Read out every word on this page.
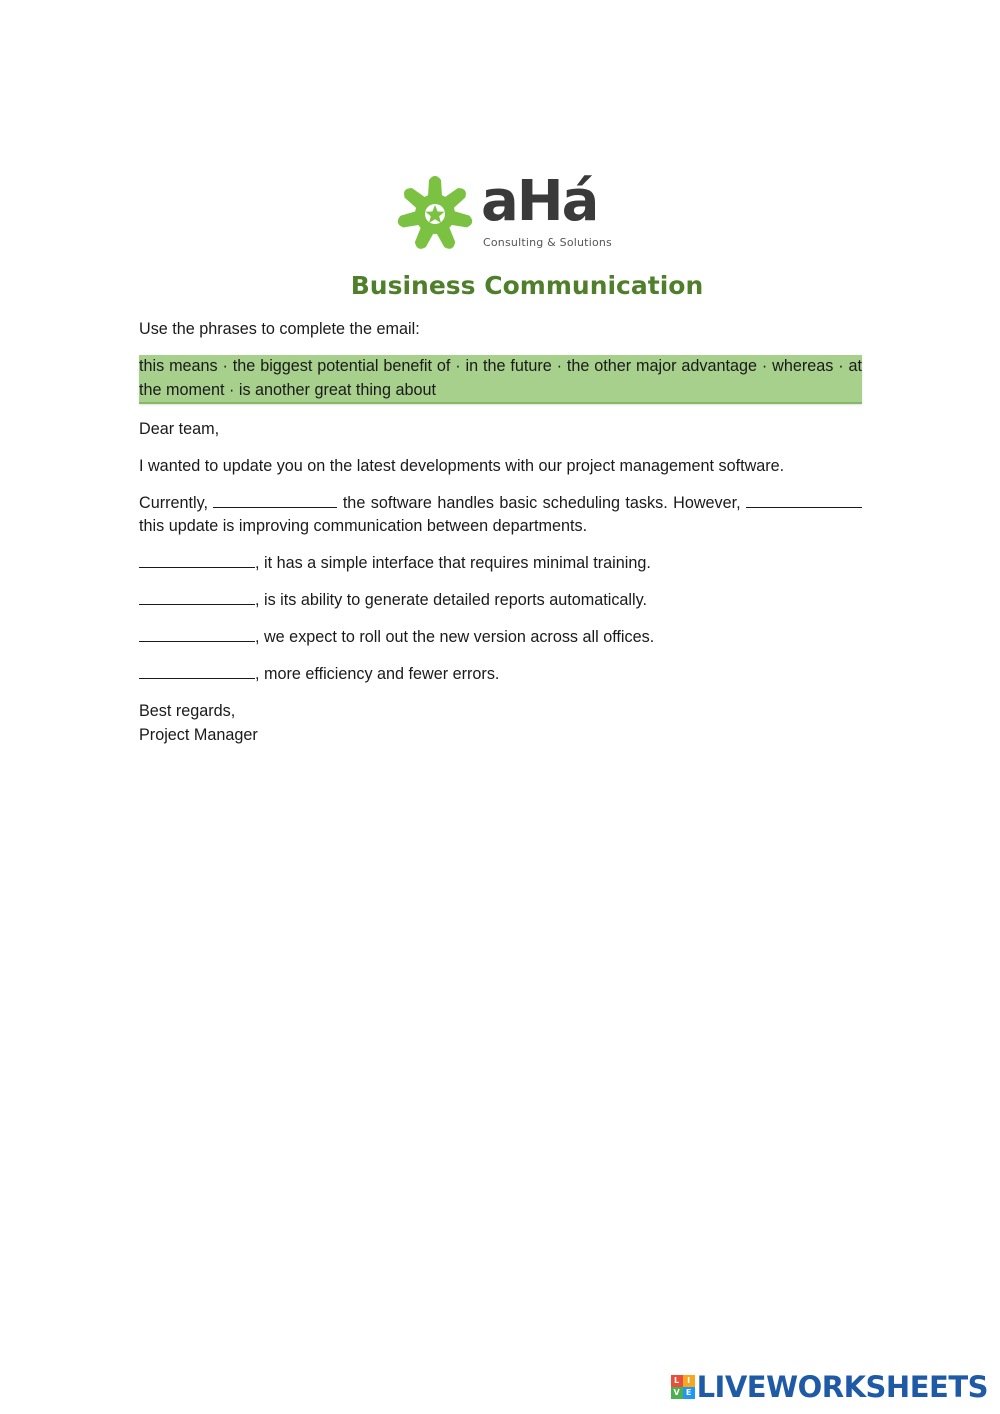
aHá
Consulting & Solutions
Business Communication

Use the phrases to complete the email:

this means · the biggest potential benefit of · in the future · the other major advantage · whereas · at the moment · is another great thing about

Dear team,

I wanted to update you on the latest developments with our project management software.

Currently,	the software handles basic scheduling tasks. However,  this update is improving communication between departments.

, it has a simple interface that requires minimal training.

, is its ability to generate detailed reports automatically.

, we expect to roll out the new version across all offices.

, more efficiency and fewer errors.

Best regards,

Project Manager

L I
V E LIVEWORKSHEETS
